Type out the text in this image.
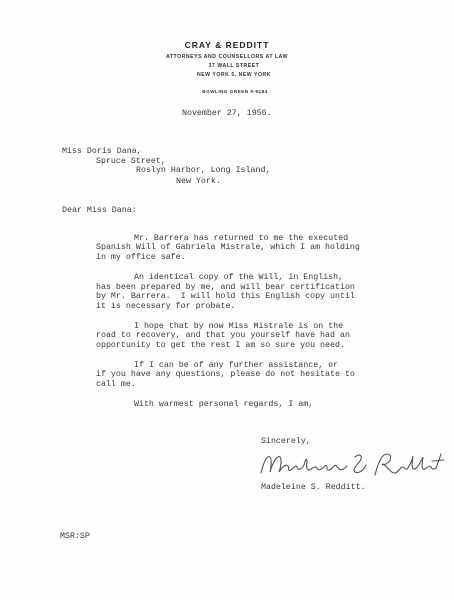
CRAY & REDDITT
ATTORNEYS AND COUNSELLORS AT LAW
37 WALL STREET
NEW YORK 5, NEW YORK
BOWLING GREEN 9-9184
November 27, 1956.
Miss Doris Dana,
Spruce Street,
Roslyn Harbor, Long Island,
New York.
Dear Miss Dana:
Mr. Barrera has returned to me the executed
Spanish Will of Gabriela Mistrale, which I am holding
in my office safe.
An identical copy of the Will, in English,
has been prepared by me, and will bear certification
by Mr. Barrera.  I will hold this English copy until
it is necessary for probate.
I hope that by now Miss Mistrale is on the
road to recovery, and that you yourself have had an
opportunity to get the rest I am so sure you need.
If I can be of any further assistance, or
if you have any questions, please do not hesitate to
call me.
With warmest personal regards, I am,
Sincerely,
Madeleine S. Redditt.
MSR:SP
